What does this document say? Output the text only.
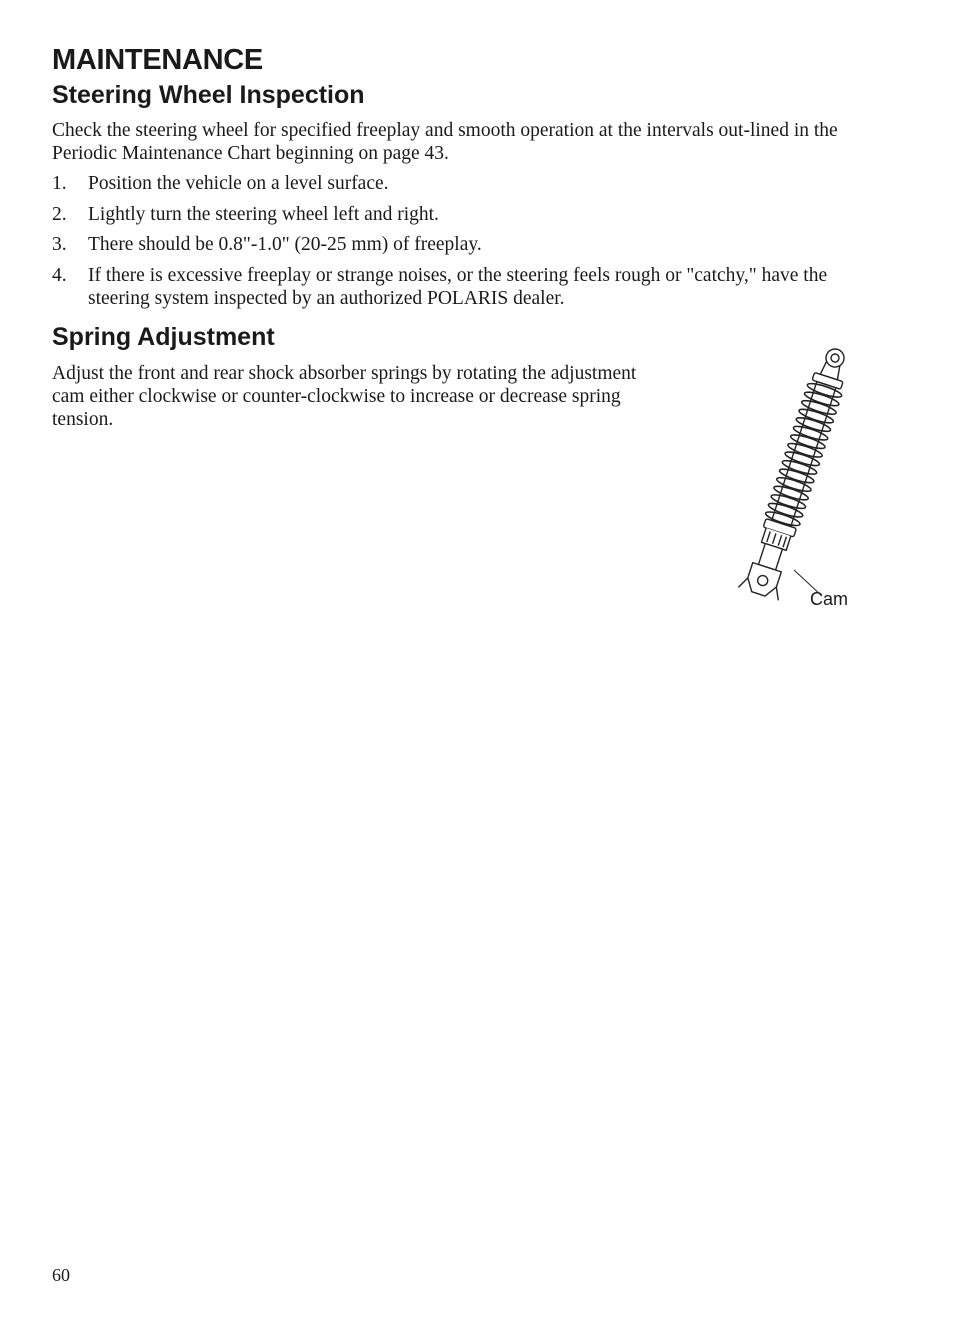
MAINTENANCE
Steering Wheel Inspection

Check the steering wheel for specified freeplay and smooth operation at the intervals out-lined in the Periodic Maintenance Chart beginning on page 43.

1. Position the vehicle on a level surface.
2. Lightly turn the steering wheel left and right.
3. There should be 0.8"-1.0" (20-25 mm) of freeplay.
4. If there is excessive freeplay or strange noises, or the steering feels rough or "catchy," have the steering system inspected by an authorized POLARIS dealer.
Spring Adjustment

Adjust the front and rear shock absorber springs by rotating the adjustment cam either clockwise or counter-clockwise to increase or decrease spring tension.

Cam
60
